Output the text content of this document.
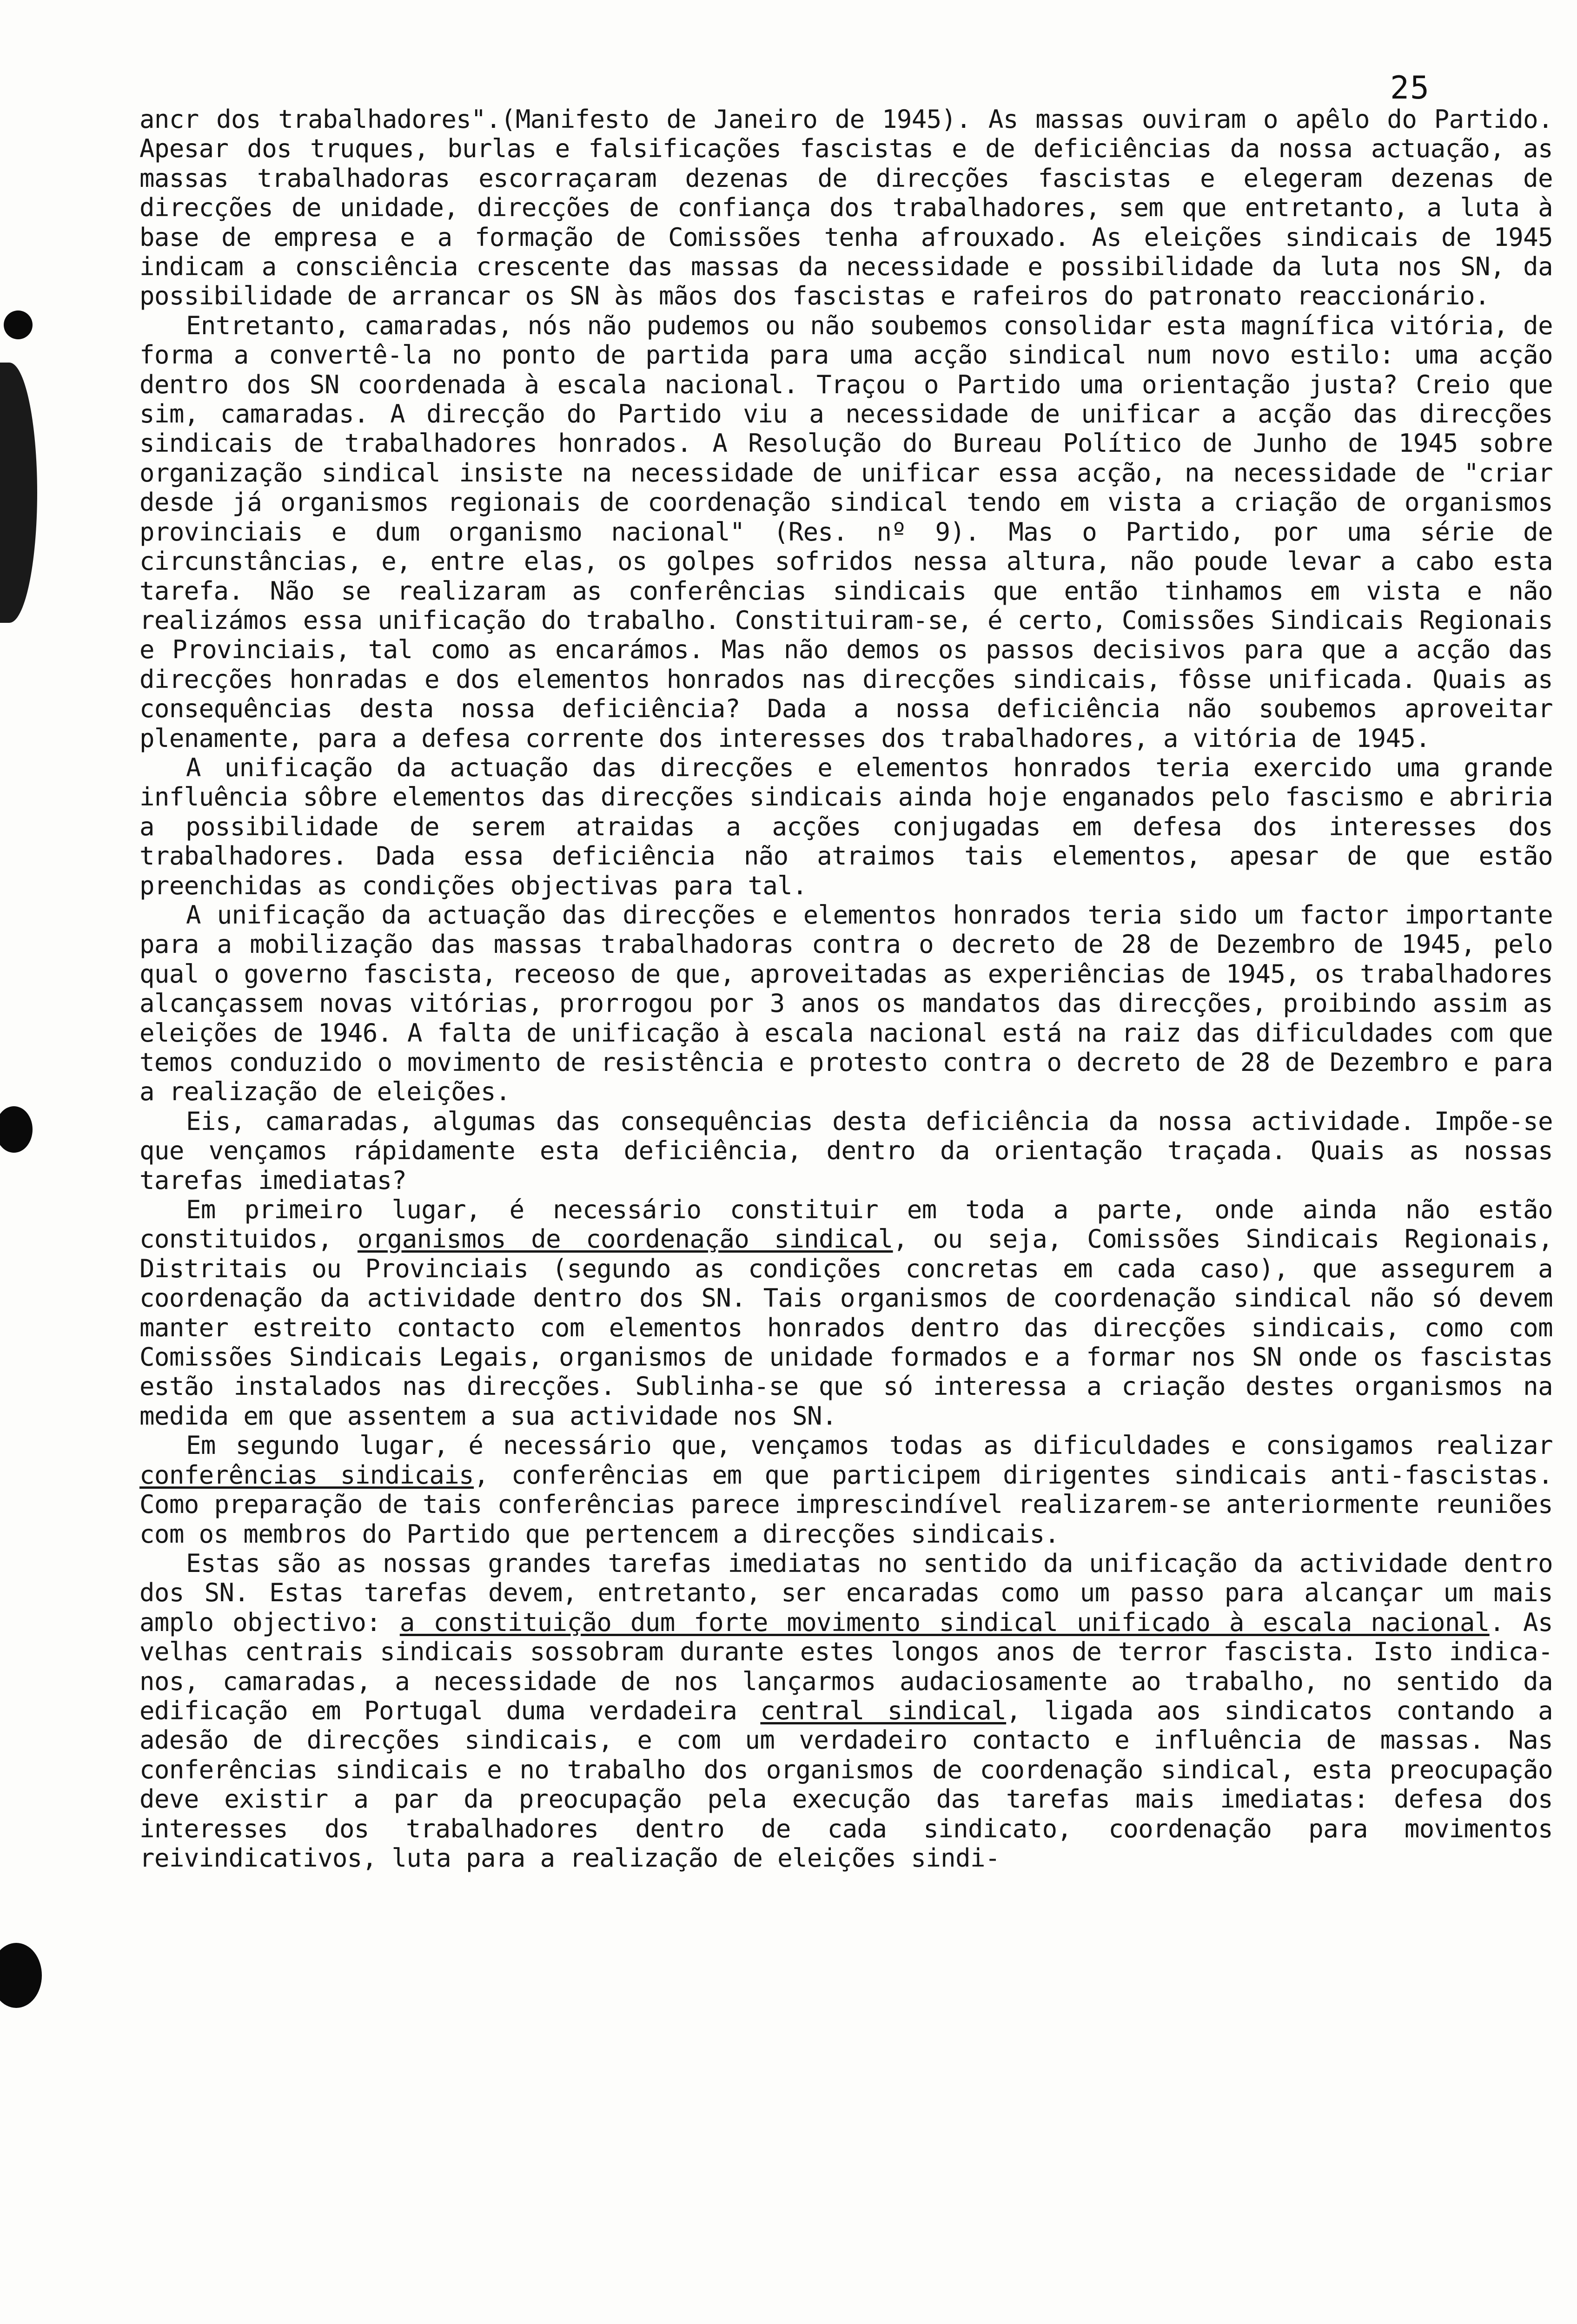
25

ancr dos trabalhadores".(Manifesto de Janeiro de 1945). As massas ouviram o apêlo do Partido. Apesar dos truques, burlas e falsificações fascistas e de deficiências da nossa actuação, as massas trabalhadoras escorraçaram dezenas de direcções fascistas e elegeram dezenas de direcções de unidade, direcções de confiança dos trabalhadores, sem que entretanto, a luta à base de empresa e a formação de Comissões tenha afrouxado. As eleições sindicais de 1945 indicam a consciência crescente das massas da necessidade e possibilidade da luta nos SN, da possibilidade de arrancar os SN às mãos dos fascistas e rafeiros do patronato reaccionário.

Entretanto, camaradas, nós não pudemos ou não soubemos consolidar esta magnífica vitória, de forma a convertê-la no ponto de partida para uma acção sindical num novo estilo: uma acção dentro dos SN coordenada à escala nacional. Traçou o Partido uma orientação justa? Creio que sim, camaradas. A direcção do Partido viu a necessidade de unificar a acção das direcções sindicais de trabalhadores honrados. A Resolução do Bureau Político de Junho de 1945 sobre organização sindical insiste na necessidade de unificar essa acção, na necessidade de "criar desde já organismos regionais de coordenação sindical tendo em vista a criação de organismos provinciais e dum organismo nacional" (Res. nº 9). Mas o Partido, por uma série de circunstâncias, e, entre elas, os golpes sofridos nessa altura, não poude levar a cabo esta tarefa. Não se realizaram as conferências sindicais que então tinhamos em vista e não realizámos essa unificação do trabalho. Constituiram-se, é certo, Comissões Sindicais Regionais e Provinciais, tal como as encarámos. Mas não demos os passos decisivos para que a acção das direcções honradas e dos elementos honrados nas direcções sindicais, fôsse unificada. Quais as consequências desta nossa deficiência? Dada a nossa deficiência não soubemos aproveitar plenamente, para a defesa corrente dos interesses dos trabalhadores, a vitória de 1945.

A unificação da actuação das direcções e elementos honrados teria exercido uma grande influência sôbre elementos das direcções sindicais ainda hoje enganados pelo fascismo e abriria a possibilidade de serem atraidas a acções conjugadas em defesa dos interesses dos trabalhadores. Dada essa deficiência não atraimos tais elementos, apesar de que estão preenchidas as condições objectivas para tal.

A unificação da actuação das direcções e elementos honrados teria sido um factor importante para a mobilização das massas trabalhadoras contra o decreto de 28 de Dezembro de 1945, pelo qual o governo fascista, receoso de que, aproveitadas as experiências de 1945, os trabalhadores alcançassem novas vitórias, prorrogou por 3 anos os mandatos das direcções, proibindo assim as eleições de 1946. A falta de unificação à escala nacional está na raiz das dificuldades com que temos conduzido o movimento de resistência e protesto contra o decreto de 28 de Dezembro e para a realização de eleições.

Eis, camaradas, algumas das consequências desta deficiência da nossa actividade. Impõe-se que vençamos rápidamente esta deficiência, dentro da orientação traçada. Quais as nossas tarefas imediatas?

Em primeiro lugar, é necessário constituir em toda a parte, onde ainda não estão constituidos, organismos de coordenação sindical, ou seja, Comissões Sindicais Regionais, Distritais ou Provinciais (segundo as condições concretas em cada caso), que assegurem a coordenação da actividade dentro dos SN. Tais organismos de coordenação sindical não só devem manter estreito contacto com elementos honrados dentro das direcções sindicais, como com Comissões Sindicais Legais, organismos de unidade formados e a formar nos SN onde os fascistas estão instalados nas direcções. Sublinha-se que só interessa a criação destes organismos na medida em que assentem a sua actividade nos SN.

Em segundo lugar, é necessário que, vençamos todas as dificuldades e consigamos realizar conferências sindicais, conferências em que participem dirigentes sindicais anti-fascistas. Como preparação de tais conferências parece imprescindível realizarem-se anteriormente reuniões com os membros do Partido que pertencem a direcções sindicais.

Estas são as nossas grandes tarefas imediatas no sentido da unificação da actividade dentro dos SN. Estas tarefas devem, entretanto, ser encaradas como um passo para alcançar um mais amplo objectivo: a constituição dum forte movimento sindical unificado à escala nacional. As velhas centrais sindicais sossobram durante estes longos anos de terror fascista. Isto indica-nos, camaradas, a necessidade de nos lançarmos audaciosamente ao trabalho, no sentido da edificação em Portugal duma verdadeira central sindical, ligada aos sindicatos contando a adesão de direcções sindicais, e com um verdadeiro contacto e influência de massas. Nas conferências sindicais e no trabalho dos organismos de coordenação sindical, esta preocupação deve existir a par da preocupação pela execução das tarefas mais imediatas: defesa dos interesses dos trabalhadores dentro de cada sindicato, coordenação para movimentos reivindicativos, luta para a realização de eleições sindi-
